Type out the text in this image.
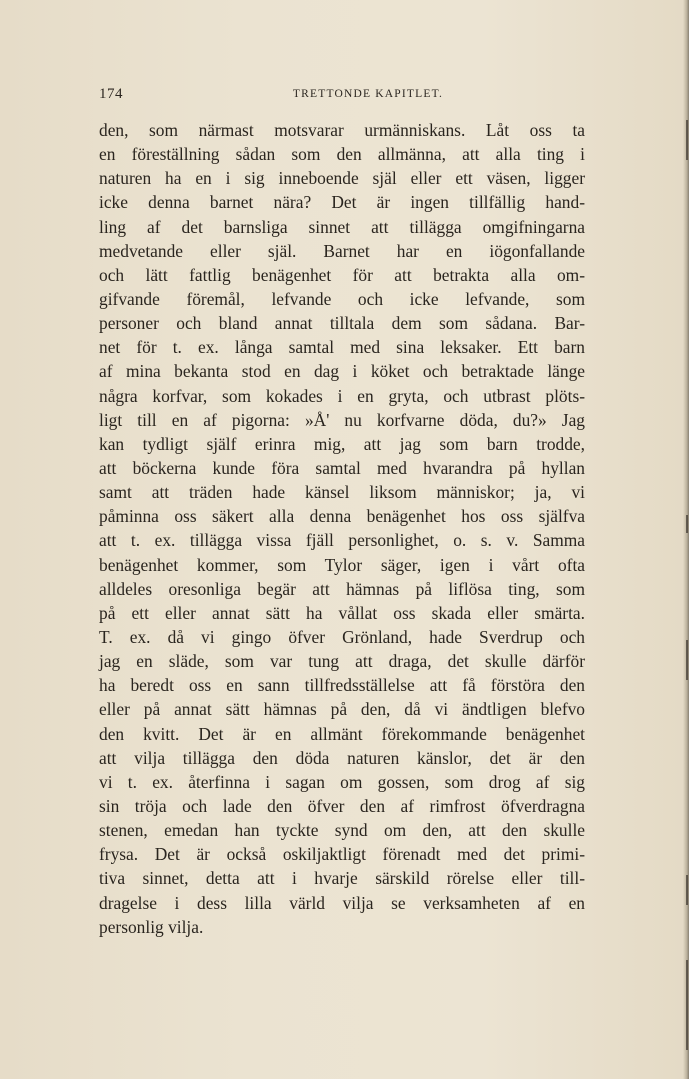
174	TRETTONDE KAPITLET.
den, som närmast motsvarar urmänniskans. Låt oss ta
en föreställning sådan som den allmänna, att alla ting i
naturen ha en i sig inneboende själ eller ett väsen, ligger
icke denna barnet nära? Det är ingen tillfällig hand-
ling af det barnsliga sinnet att tillägga omgifningarna
medvetande eller själ. Barnet har en iögonfallande
och lätt fattlig benägenhet för att betrakta alla om-
gifvande föremål, lefvande och icke lefvande, som
personer och bland annat tilltala dem som sådana. Bar-
net för t. ex. långa samtal med sina leksaker. Ett barn
af mina bekanta stod en dag i köket och betraktade länge
några korfvar, som kokades i en gryta, och utbrast plöts-
ligt till en af pigorna: »Å' nu korfvarne döda, du?» Jag
kan tydligt själf erinra mig, att jag som barn trodde,
att böckerna kunde föra samtal med hvarandra på hyllan
samt att träden hade känsel liksom människor; ja, vi
påminna oss säkert alla denna benägenhet hos oss själfva
att t. ex. tillägga vissa fjäll personlighet, o. s. v. Samma
benägenhet kommer, som Tylor säger, igen i vårt ofta
alldeles oresonliga begär att hämnas på liflösa ting, som
på ett eller annat sätt ha vållat oss skada eller smärta.
T. ex. då vi gingo öfver Grönland, hade Sverdrup och
jag en släde, som var tung att draga, det skulle därför
ha beredt oss en sann tillfredsställelse att få förstöra den
eller på annat sätt hämnas på den, då vi ändtligen blefvo
den kvitt. Det är en allmänt förekommande benägenhet
att vilja tillägga den döda naturen känslor, det är den
vi t. ex. återfinna i sagan om gossen, som drog af sig
sin tröja och lade den öfver den af rimfrost öfverdragna
stenen, emedan han tyckte synd om den, att den skulle
frysa. Det är också oskiljaktligt förenadt med det primi-
tiva sinnet, detta att i hvarje särskild rörelse eller till-
dragelse i dess lilla värld vilja se verksamheten af en
personlig vilja.
